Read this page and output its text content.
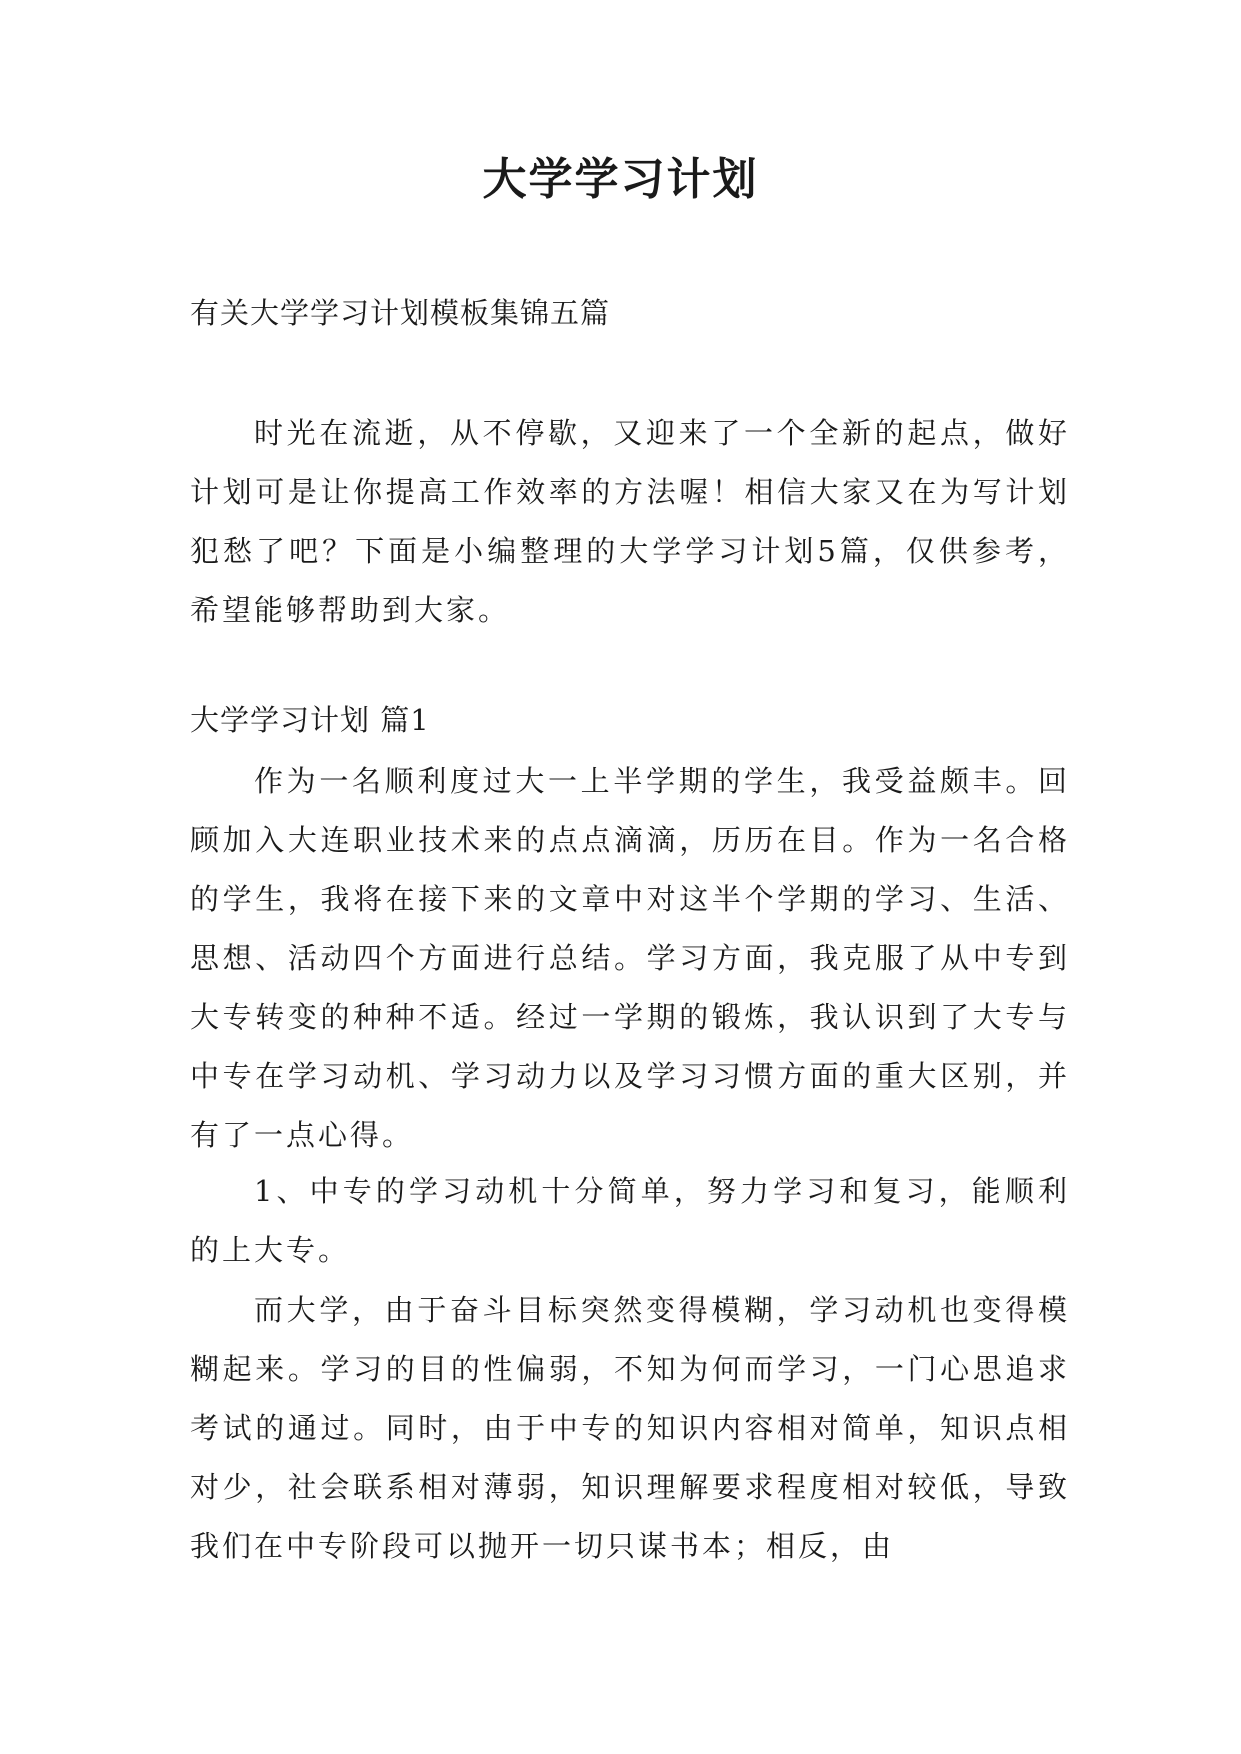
大学学习计划

有关大学学习计划模板集锦五篇

时光在流逝，从不停歇，又迎来了一个全新的起点，做好计划可是让你提高工作效率的方法喔！相信大家又在为写计划犯愁了吧？下面是小编整理的大学学习计划5篇，仅供参考，希望能够帮助到大家。

大学学习计划 篇1

作为一名顺利度过大一上半学期的学生，我受益颇丰。回顾加入大连职业技术来的点点滴滴，历历在目。作为一名合格的学生，我将在接下来的文章中对这半个学期的学习、生活、思想、活动四个方面进行总结。学习方面，我克服了从中专到大专转变的种种不适。经过一学期的锻炼，我认识到了大专与中专在学习动机、学习动力以及学习习惯方面的重大区别，并有了一点心得。

1、中专的学习动机十分简单，努力学习和复习，能顺利的上大专。

而大学，由于奋斗目标突然变得模糊，学习动机也变得模糊起来。学习的目的性偏弱，不知为何而学习，一门心思追求考试的通过。同时，由于中专的知识内容相对简单，知识点相对少，社会联系相对薄弱，知识理解要求程度相对较低，导致我们在中专阶段可以抛开一切只谋书本；相反，由
